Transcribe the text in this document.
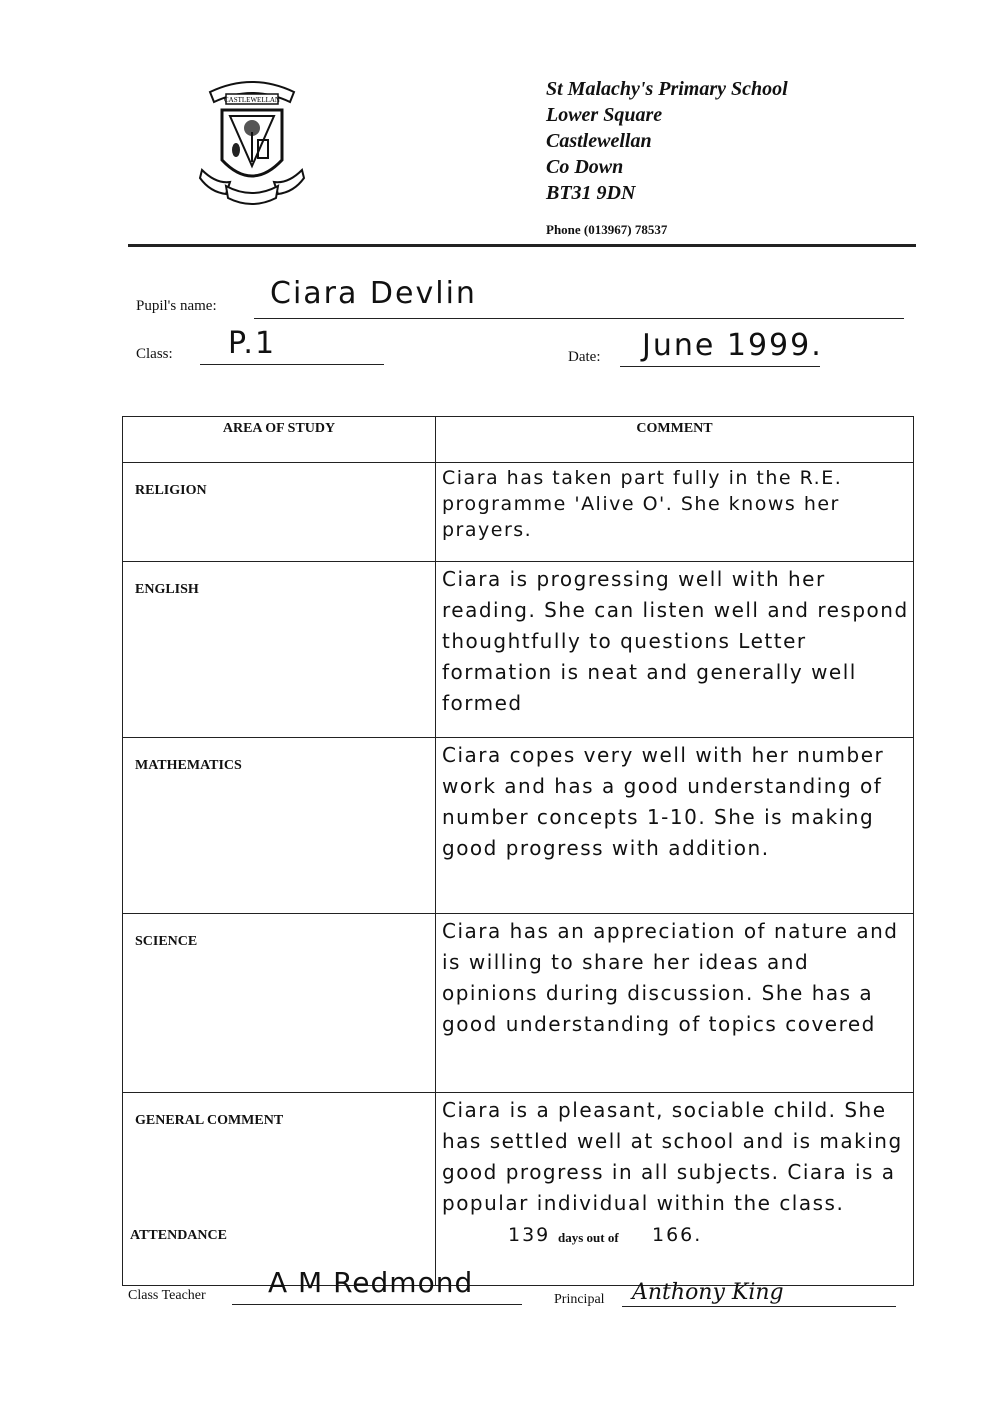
CASTLEWELLAN	St Malachy's Primary School
Lower Square
Castlewellan
Co Down
BT31 9DN
Phone (013967) 78537
Pupil's name: Ciara Devlin
Class: P.1	Date: June 1999.
AREA OF STUDY	COMMENT
RELIGION	Ciara has taken part fully in the R.E. programme 'Alive O'. She knows her prayers.
ENGLISH	Ciara is progressing well with her reading. She can listen well and respond thoughtfully to questions Letter formation is neat and generally well formed
MATHEMATICS	Ciara copes very well with her number work and has a good understanding of number concepts 1-10. She is making good progress with addition.
SCIENCE	Ciara has an appreciation of nature and is willing to share her ideas and opinions during discussion. She has a good understanding of topics covered
GENERAL COMMENT	Ciara is a pleasant, sociable child. She has settled well at school and is making good progress in all subjects. Ciara is a popular individual within the class.
ATTENDANCE	139 days out of 166.
Class Teacher A M Redmond
Principal Anthony King
